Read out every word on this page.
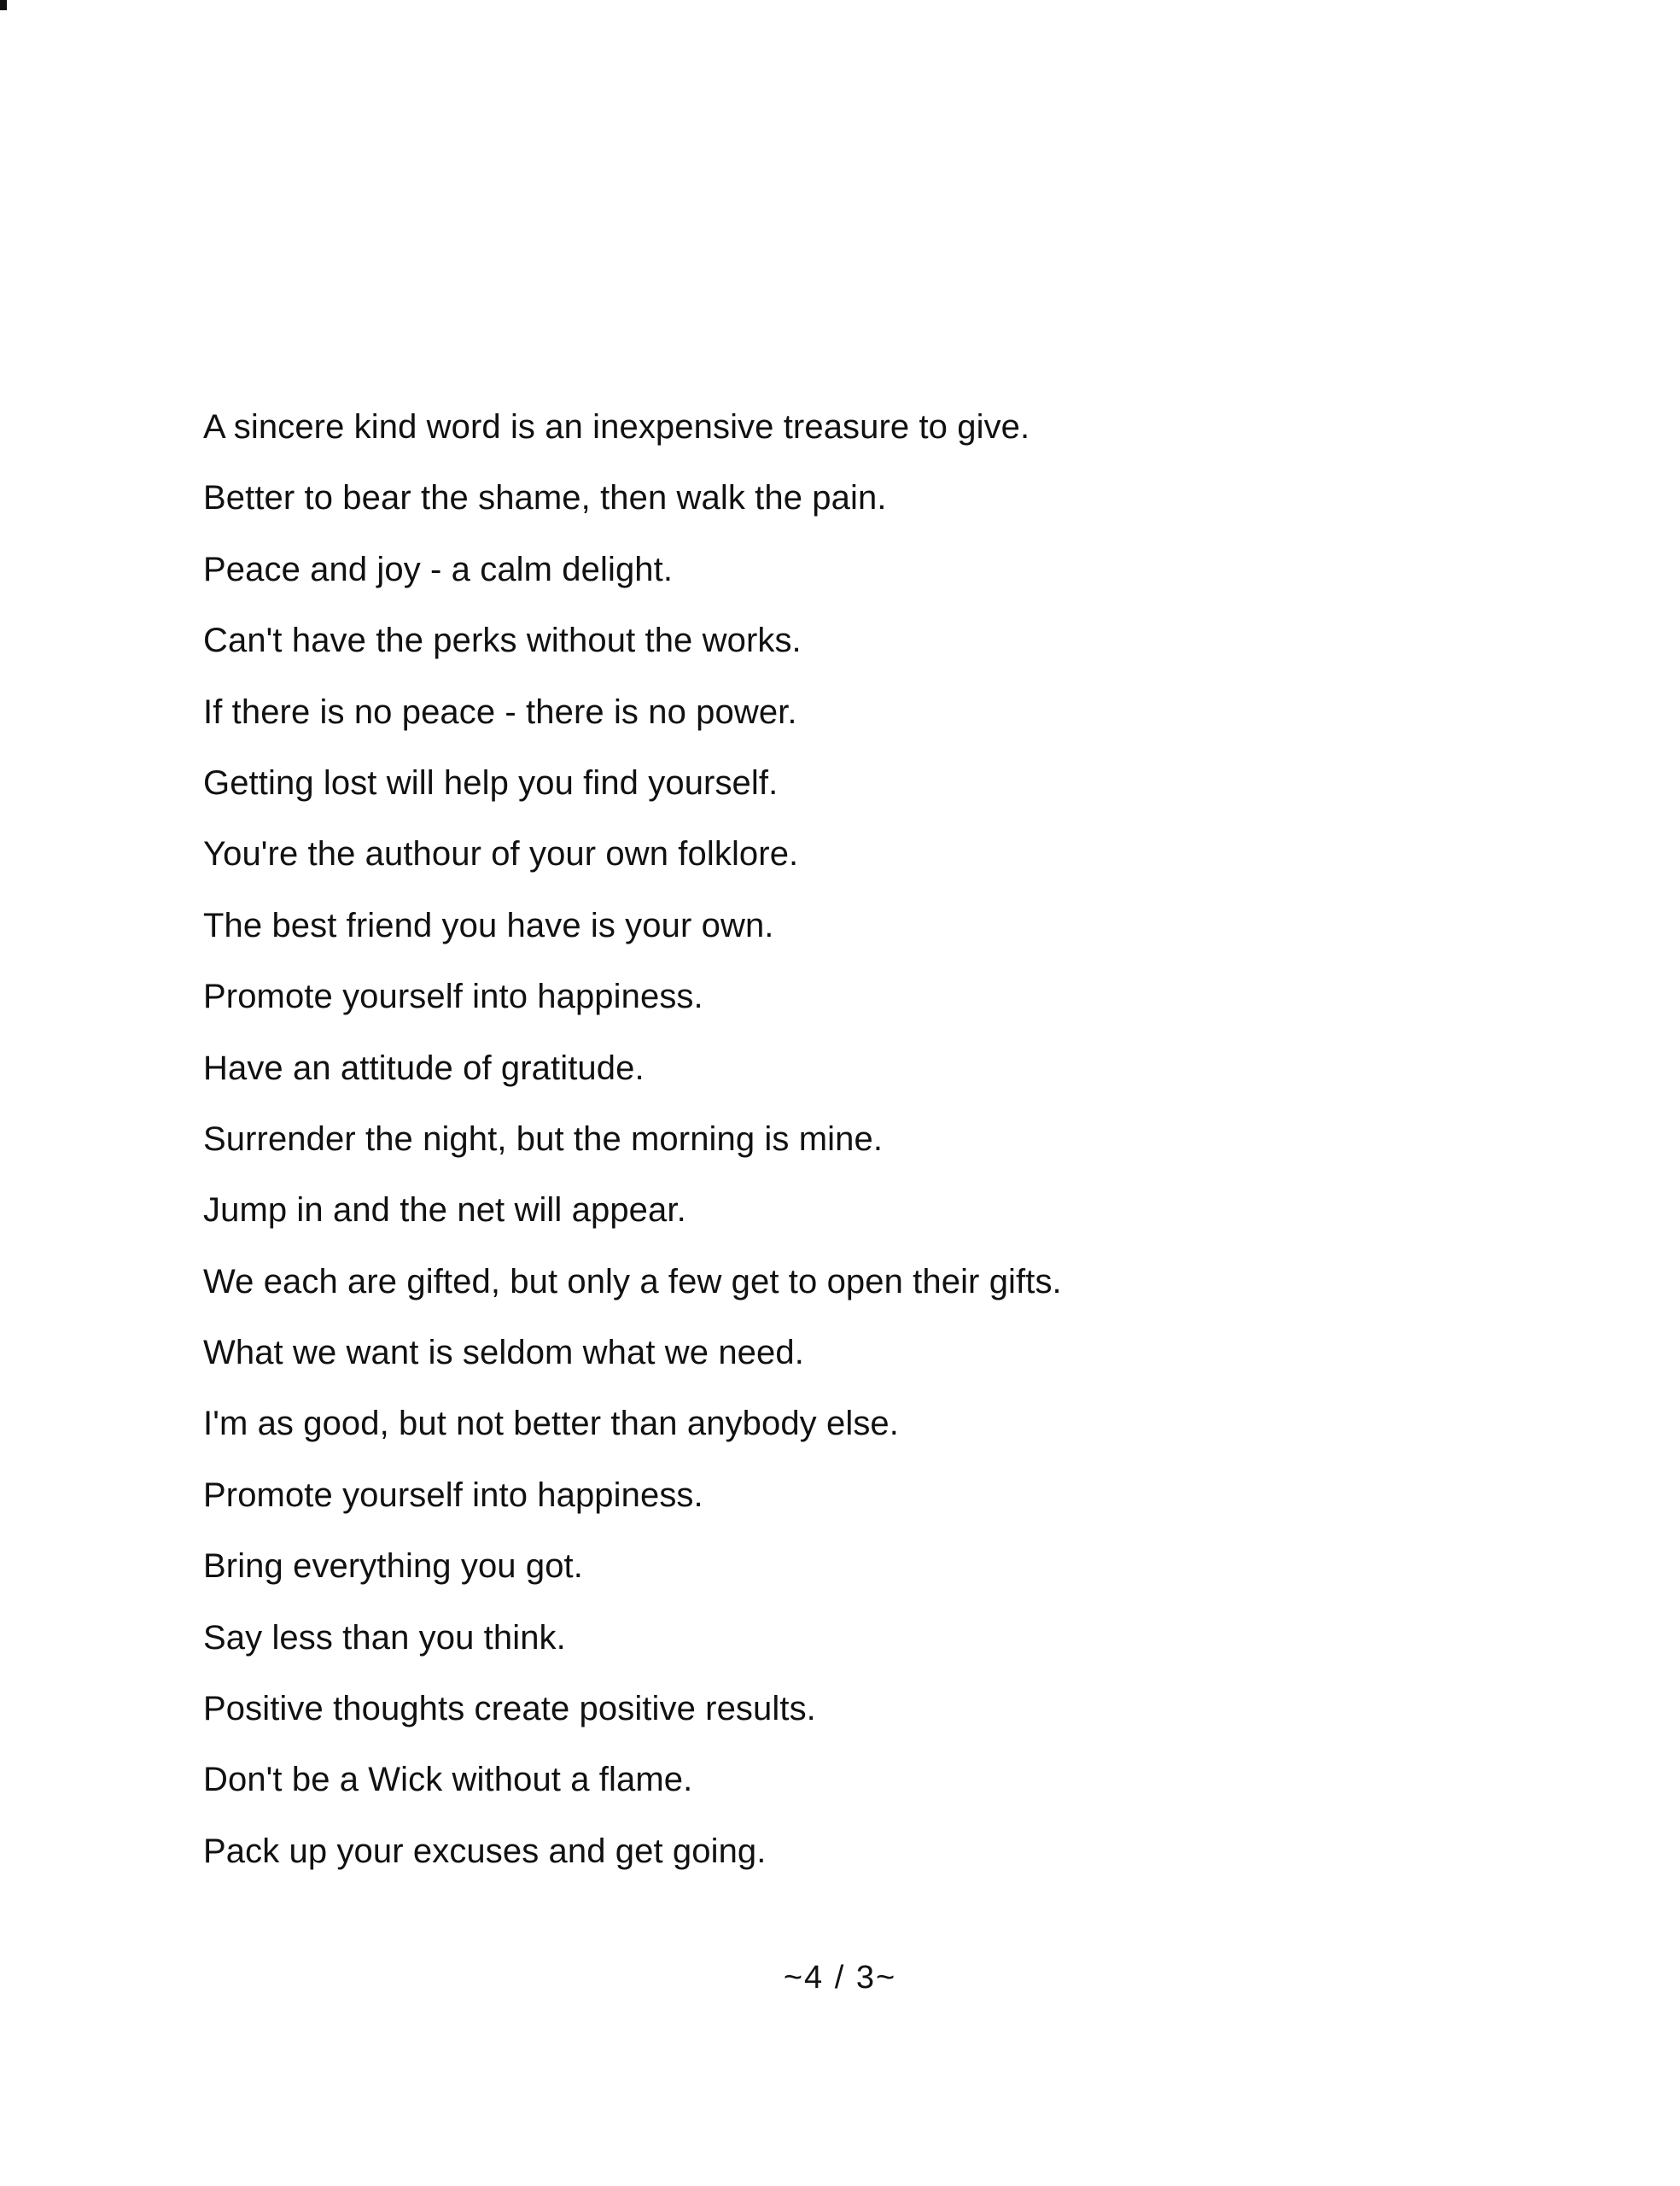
A sincere kind word is an inexpensive treasure to give.
Better to bear the shame, then walk the pain.
Peace and joy - a calm delight.
Can't have the perks without the works.
If there is no peace - there is no power.
Getting lost will help you find yourself.
You're the authour of your own folklore.
The best friend you have is your own.
Promote yourself into happiness.
Have an attitude of gratitude.
Surrender the night, but the morning is mine.
Jump in and the net will appear.
We each are gifted, but only a few get to open their gifts.
What we want is seldom what we need.
I'm as good, but not better than anybody else.
Promote yourself into happiness.
Bring everything you got.
Say less than you think.
Positive thoughts create positive results.
Don't be a Wick without a flame.
Pack up your excuses and get going.
~4 / 3~
